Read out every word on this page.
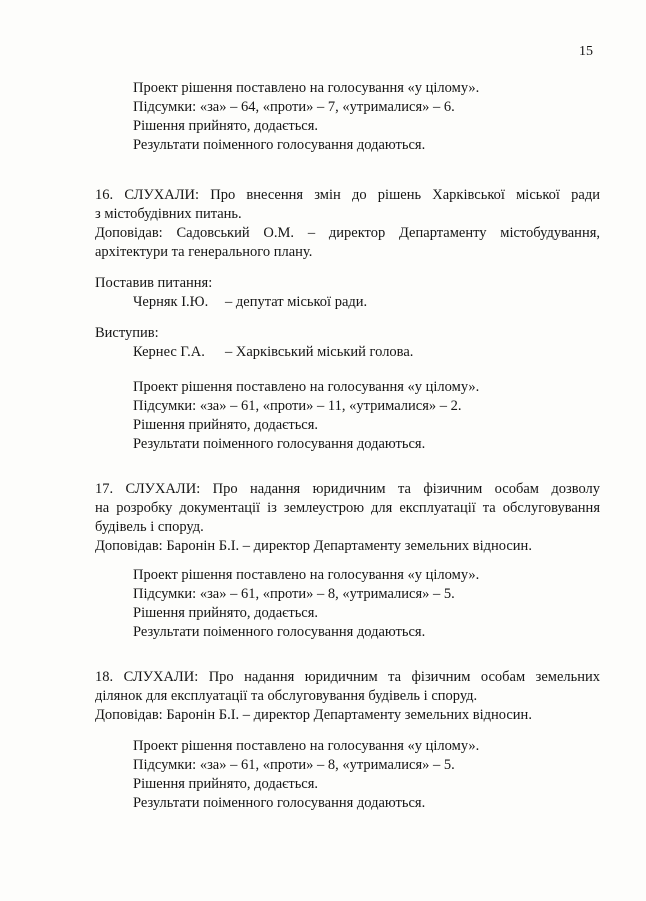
15
Проект рішення поставлено на голосування «у цілому».
Підсумки: «за» – 64, «проти» – 7, «утрималися» – 6.
Рішення прийнято, додається.
Результати поіменного голосування додаються.
16. СЛУХАЛИ: Про внесення змін до рішень Харківської міської ради
з містобудівних питань.
Доповідав: Садовський О.М. – директор Департаменту містобудування,
архітектури та генерального плану.
Поставив питання:
Черняк І.Ю. – депутат міської ради.
Виступив:
Кернес Г.А. – Харківський міський голова.
Проект рішення поставлено на голосування «у цілому».
Підсумки: «за» – 61, «проти» – 11, «утрималися» – 2.
Рішення прийнято, додається.
Результати поіменного голосування додаються.
17. СЛУХАЛИ: Про надання юридичним та фізичним особам дозволу
на розробку документації із землеустрою для експлуатації та обслуговування
будівель і споруд.
Доповідав: Баронін Б.І. – директор Департаменту земельних відносин.
Проект рішення поставлено на голосування «у цілому».
Підсумки: «за» – 61, «проти» – 8, «утрималися» – 5.
Рішення прийнято, додається.
Результати поіменного голосування додаються.
18. СЛУХАЛИ: Про надання юридичним та фізичним особам земельних
ділянок для експлуатації та обслуговування будівель і споруд.
Доповідав: Баронін Б.І. – директор Департаменту земельних відносин.
Проект рішення поставлено на голосування «у цілому».
Підсумки: «за» – 61, «проти» – 8, «утрималися» – 5.
Рішення прийнято, додається.
Результати поіменного голосування додаються.
